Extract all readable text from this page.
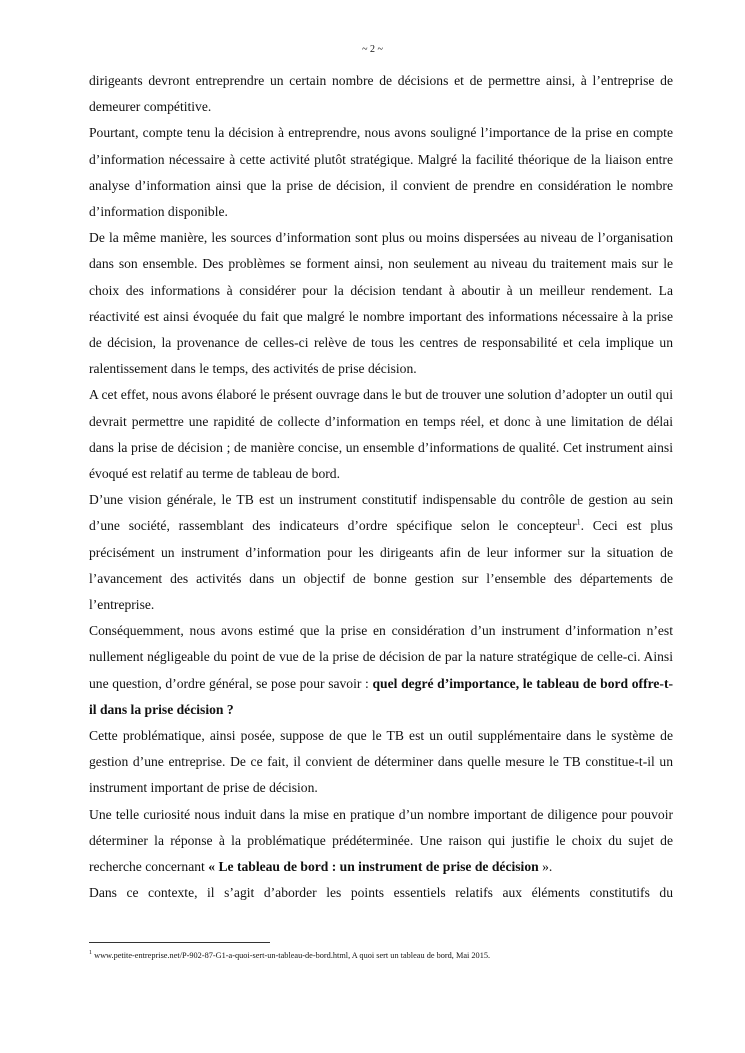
~ 2 ~

dirigeants devront entreprendre un certain nombre de décisions et de permettre ainsi, à l’entreprise de demeurer compétitive.

Pourtant, compte tenu la décision à entreprendre, nous avons souligné l’importance de la prise en compte d’information nécessaire à cette activité plutôt stratégique. Malgré la facilité théorique de la liaison entre analyse d’information ainsi que la prise de décision, il convient de prendre en considération le nombre d’information disponible.

De la même manière, les sources d’information sont plus ou moins dispersées au niveau de l’organisation dans son ensemble. Des problèmes se forment ainsi, non seulement au niveau du traitement mais sur le choix des informations à considérer pour la décision tendant à aboutir à un meilleur rendement. La réactivité est ainsi évoquée du fait que malgré le nombre important des informations nécessaire à la prise de décision, la provenance de celles-ci relève de tous les centres de responsabilité et cela implique un ralentissement dans le temps, des activités de prise décision.

A cet effet, nous avons élaboré le présent ouvrage dans le but de trouver une solution d’adopter un outil qui devrait permettre une rapidité de collecte d’information en temps réel, et donc à une limitation de délai dans la prise de décision ; de manière concise, un ensemble d’informations de qualité. Cet instrument ainsi évoqué est relatif au terme de tableau de bord.

D’une vision générale, le TB est un instrument constitutif indispensable du contrôle de gestion au sein d’une société, rassemblant des indicateurs d’ordre spécifique selon le concepteur$^1$. Ceci est plus précisément un instrument d’information pour les dirigeants afin de leur informer sur la situation de l’avancement des activités dans un objectif de bonne gestion sur l’ensemble des départements de l’entreprise.

Conséquemment, nous avons estimé que la prise en considération d’un instrument d’information n’est nullement négligeable du point de vue de la prise de décision de par la nature stratégique de celle-ci. Ainsi une question, d’ordre général, se pose pour savoir : quel degré d’importance, le tableau de bord offre-t-il dans la prise décision ?

Cette problématique, ainsi posée, suppose de que le TB est un outil supplémentaire dans le système de gestion d’une entreprise. De ce fait, il convient de déterminer dans quelle mesure le TB constitue-t-il un instrument important de prise de décision.

Une telle curiosité nous induit dans la mise en pratique d’un nombre important de diligence pour pouvoir déterminer la réponse à la problématique prédéterminée. Une raison qui justifie le choix du sujet de recherche concernant « Le tableau de bord : un instrument de prise de décision ».

Dans ce contexte, il s’agit d’aborder les points essentiels relatifs aux éléments constitutifs du

$^1$ www.petite-entreprise.net/P-902-87-G1-a-quoi-sert-un-tableau-de-bord.html, A quoi sert un tableau de bord, Mai 2015.
